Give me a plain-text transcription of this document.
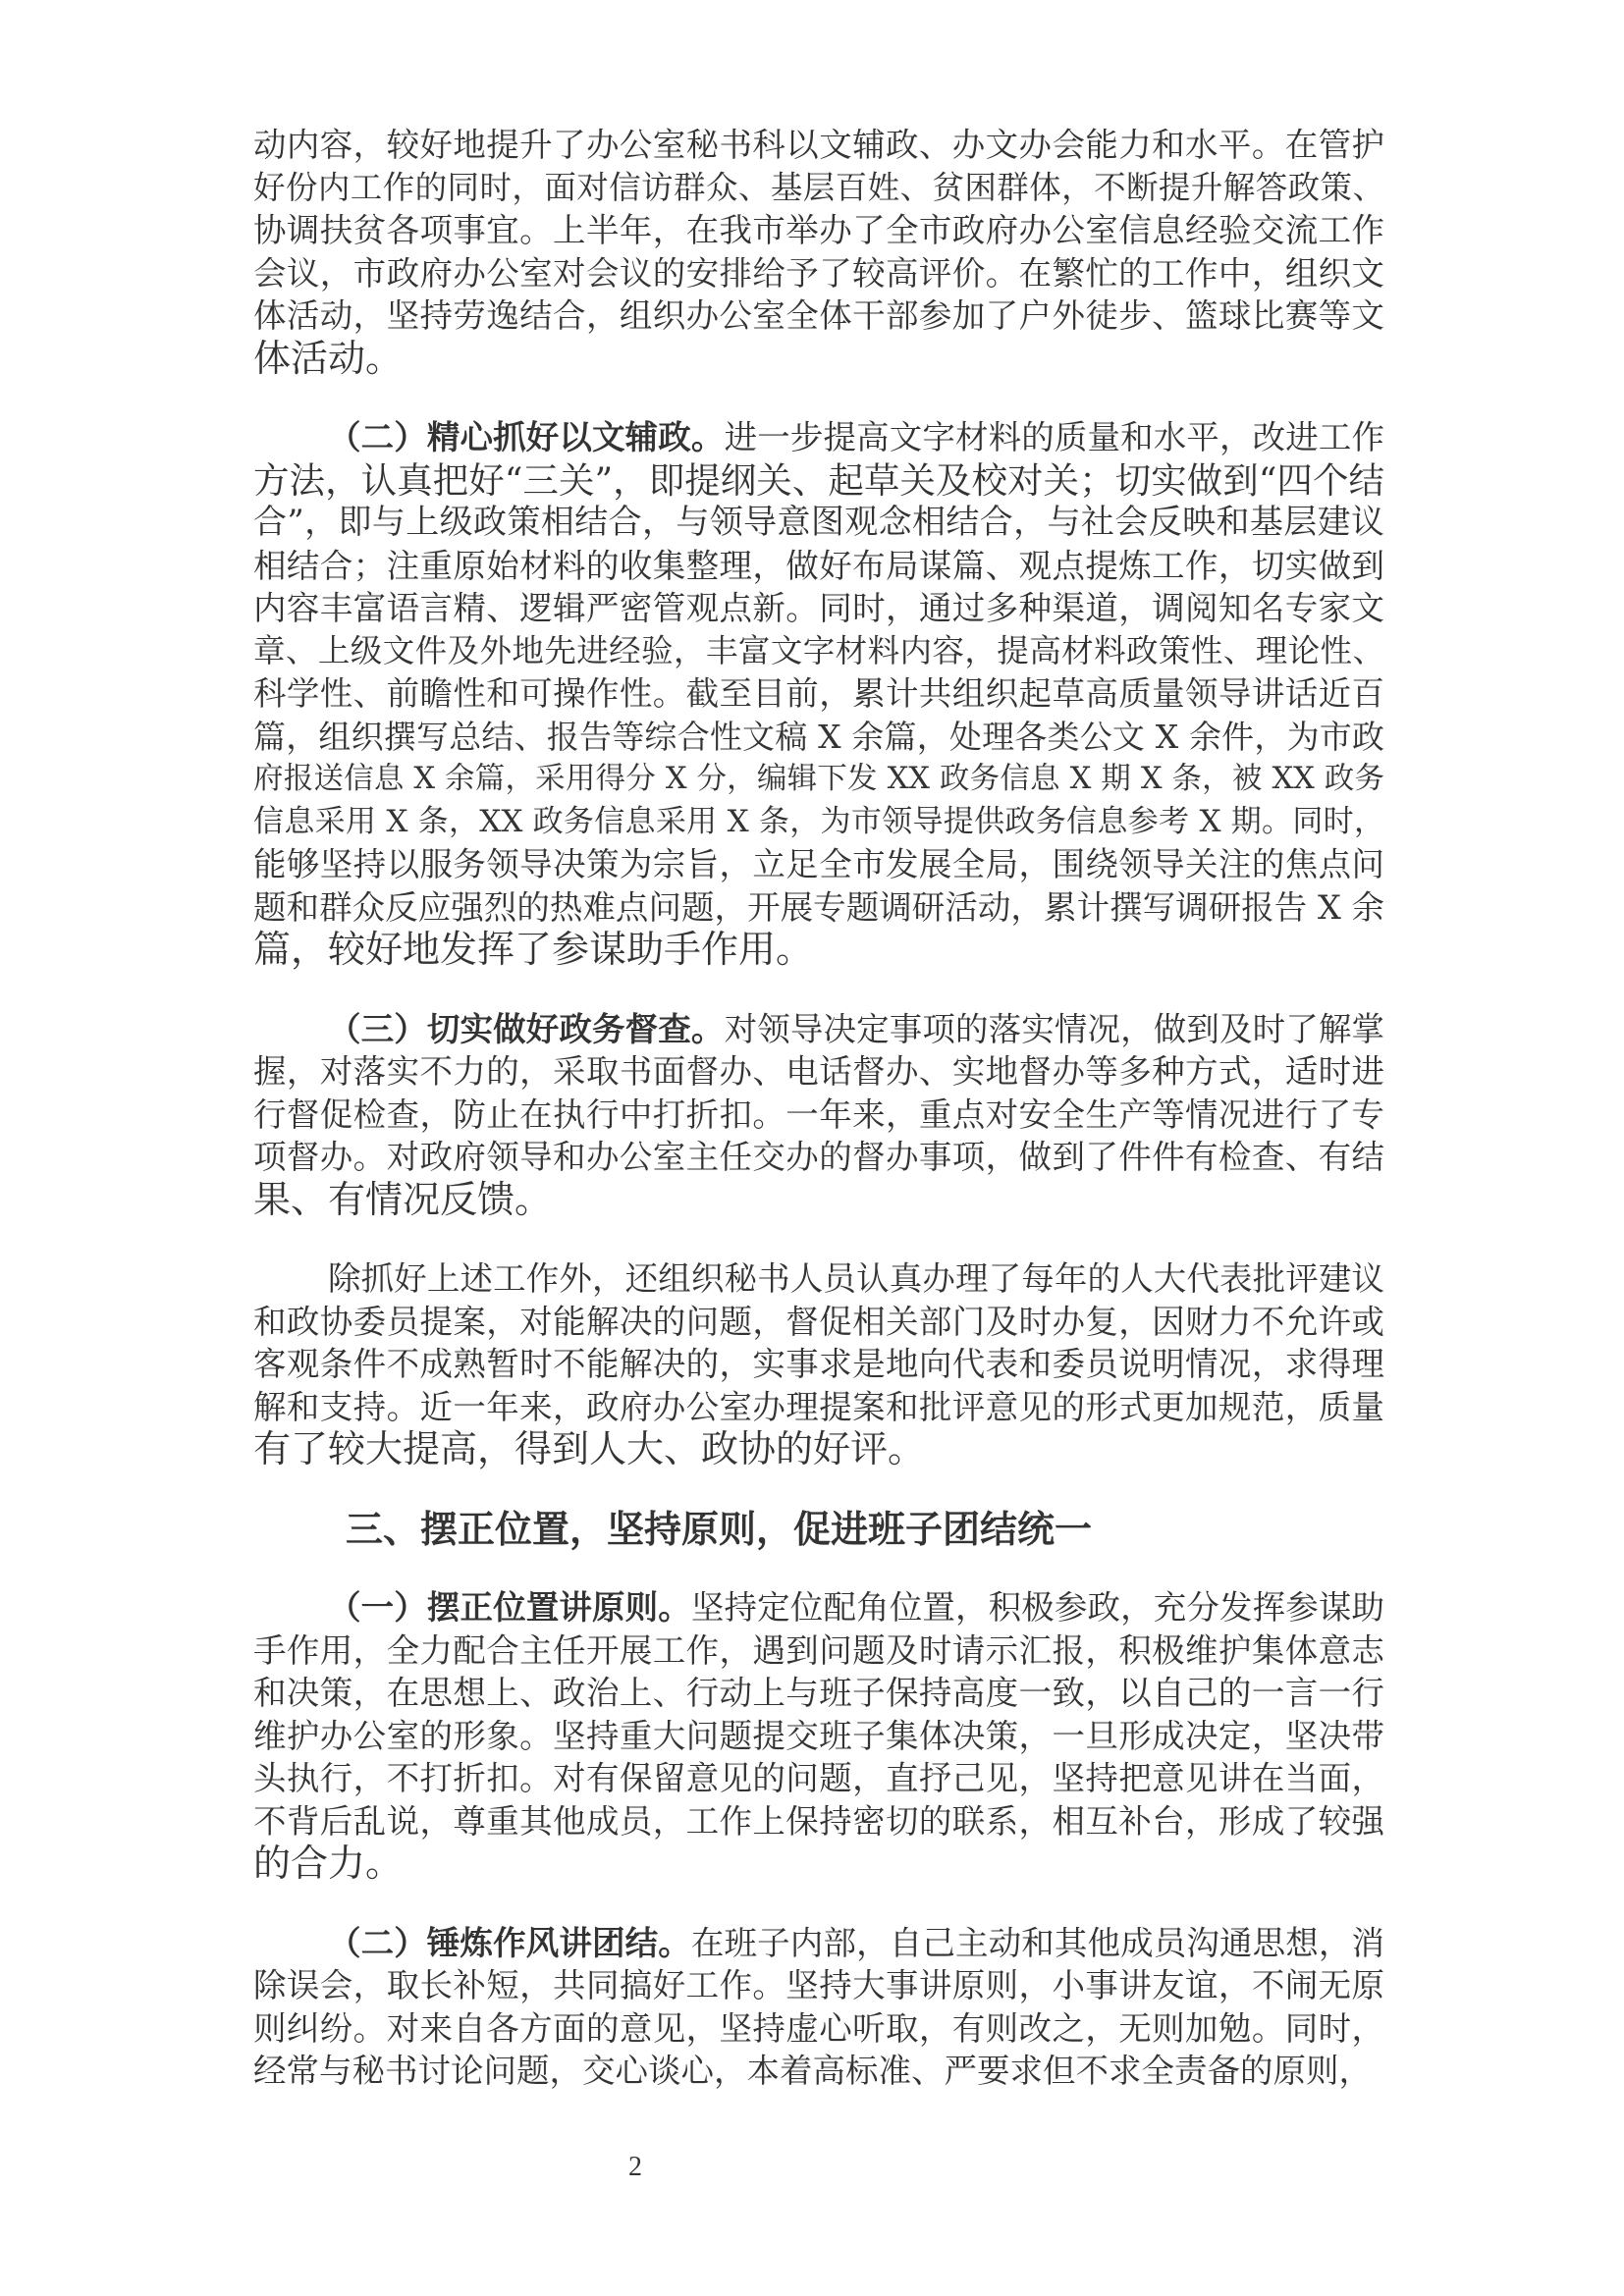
动内容，较好地提升了办公室秘书科以文辅政、办文办会能力和水平。在管护
好份内工作的同时，面对信访群众、基层百姓、贫困群体，不断提升解答政策、
协调扶贫各项事宜。上半年，在我市举办了全市政府办公室信息经验交流工作
会议，市政府办公室对会议的安排给予了较高评价。在繁忙的工作中，组织文
体活动，坚持劳逸结合，组织办公室全体干部参加了户外徒步、篮球比赛等文
体活动。
（二）精心抓好以文辅政。进一步提高文字材料的质量和水平，改进工作
方法，认真把好“三关”，即提纲关、起草关及校对关；切实做到“四个结
合”，即与上级政策相结合，与领导意图观念相结合，与社会反映和基层建议
相结合；注重原始材料的收集整理，做好布局谋篇、观点提炼工作，切实做到
内容丰富语言精、逻辑严密管观点新。同时，通过多种渠道，调阅知名专家文
章、上级文件及外地先进经验，丰富文字材料内容，提高材料政策性、理论性、
科学性、前瞻性和可操作性。截至目前，累计共组织起草高质量领导讲话近百
篇，组织撰写总结、报告等综合性文稿 X 余篇，处理各类公文 X 余件，为市政
府报送信息 X 余篇，采用得分 X 分，编辑下发 XX 政务信息 X 期 X 条，被 XX 政务
信息采用 X 条，XX 政务信息采用 X 条，为市领导提供政务信息参考 X 期。同时，
能够坚持以服务领导决策为宗旨，立足全市发展全局，围绕领导关注的焦点问
题和群众反应强烈的热难点问题，开展专题调研活动，累计撰写调研报告 X 余
篇，较好地发挥了参谋助手作用。
（三）切实做好政务督查。对领导决定事项的落实情况，做到及时了解掌
握，对落实不力的，采取书面督办、电话督办、实地督办等多种方式，适时进
行督促检查，防止在执行中打折扣。一年来，重点对安全生产等情况进行了专
项督办。对政府领导和办公室主任交办的督办事项，做到了件件有检查、有结
果、有情况反馈。
除抓好上述工作外，还组织秘书人员认真办理了每年的人大代表批评建议
和政协委员提案，对能解决的问题，督促相关部门及时办复，因财力不允许或
客观条件不成熟暂时不能解决的，实事求是地向代表和委员说明情况，求得理
解和支持。近一年来，政府办公室办理提案和批评意见的形式更加规范，质量
有了较大提高，得到人大、政协的好评。
三、摆正位置，坚持原则，促进班子团结统一
（一）摆正位置讲原则。坚持定位配角位置，积极参政，充分发挥参谋助
手作用，全力配合主任开展工作，遇到问题及时请示汇报，积极维护集体意志
和决策，在思想上、政治上、行动上与班子保持高度一致，以自己的一言一行
维护办公室的形象。坚持重大问题提交班子集体决策，一旦形成决定，坚决带
头执行，不打折扣。对有保留意见的问题，直抒己见，坚持把意见讲在当面，
不背后乱说，尊重其他成员，工作上保持密切的联系，相互补台，形成了较强
的合力。
（二）锤炼作风讲团结。在班子内部，自己主动和其他成员沟通思想，消
除误会，取长补短，共同搞好工作。坚持大事讲原则，小事讲友谊，不闹无原
则纠纷。对来自各方面的意见，坚持虚心听取，有则改之，无则加勉。同时，
经常与秘书讨论问题，交心谈心，本着高标准、严要求但不求全责备的原则，
2
